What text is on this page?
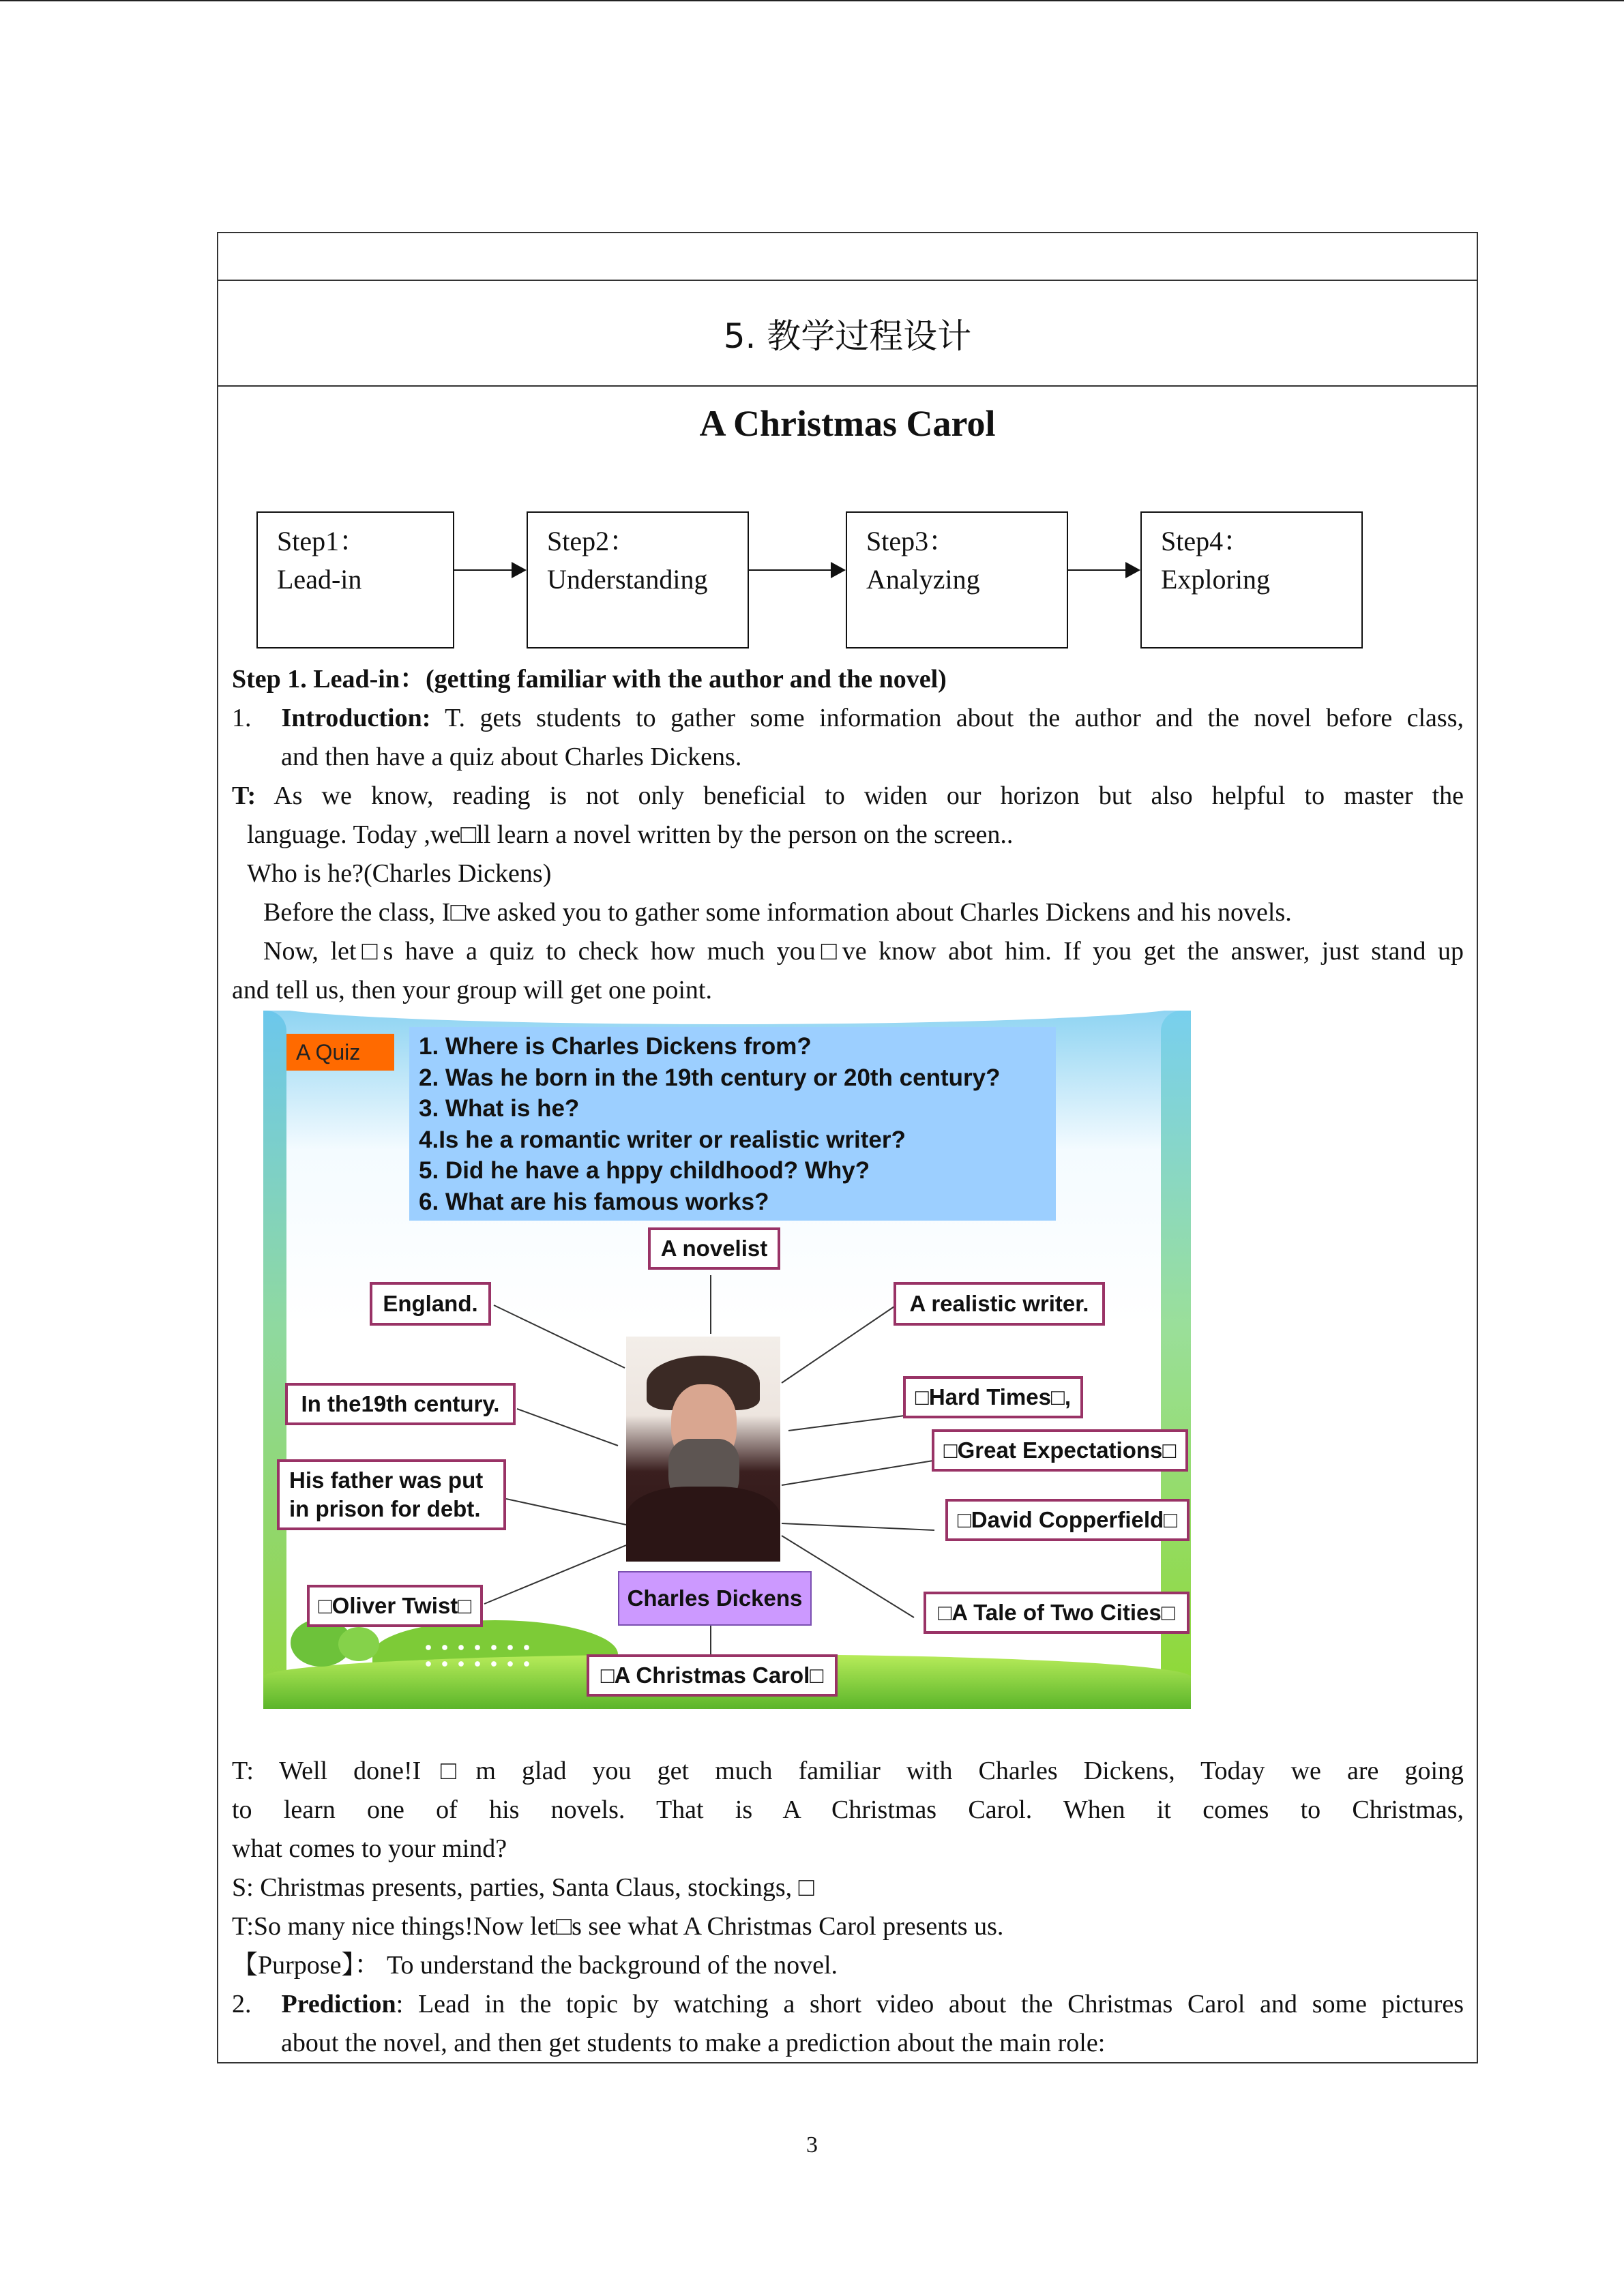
5. 教学过程设计
A Christmas Carol
Step1：
Lead-in
Step2：
Understanding
Step3：
Analyzing
Step4：
Exploring
Step 1. Lead-in：(getting familiar with the author and the novel)
1. Introduction: T. gets students to gather some information about the author and the novel before class,
and then have a quiz about Charles Dickens.
T: As we know, reading is not only beneficial to widen our horizon but also helpful to master the
language. Today ,we□ll learn a novel written by the person on the screen..
Who is he?(Charles Dickens)
Before the class, I□ve asked you to gather some information about Charles Dickens and his novels.
Now, let□s have a quiz to check how much you□ve know abot him. If you get the answer, just stand up
and tell us, then your group will get one point.
A Quiz	1. Where is Charles Dickens from?
2. Was he born in the 19th century or 20th century?
3. What is he?
4.Is he a romantic writer or realistic writer?
5. Did he have a hppy childhood? Why?
6. What are his famous works?
A novelist
England.
In the19th century.
His father was put
in prison for debt.
□Oliver Twist□
A realistic writer.
□Hard Times□,
□Great Expectations□
□David Copperfield□
□A Tale of Two Cities□
□A Christmas Carol□
Charles Dickens
T: Well done!I□m glad you get much familiar with Charles Dickens, Today we are going
to learn one of his novels. That is A Christmas Carol. When it comes to Christmas,
what comes to your mind?
S: Christmas presents, parties, Santa Claus, stockings, □
T:So many nice things!Now let□s see what A Christmas Carol presents us.
【Purpose】： To understand the background of the novel.
2. Prediction: Lead in the topic by watching a short video about the Christmas Carol and some pictures
about the novel, and then get students to make a prediction about the main role:
3
